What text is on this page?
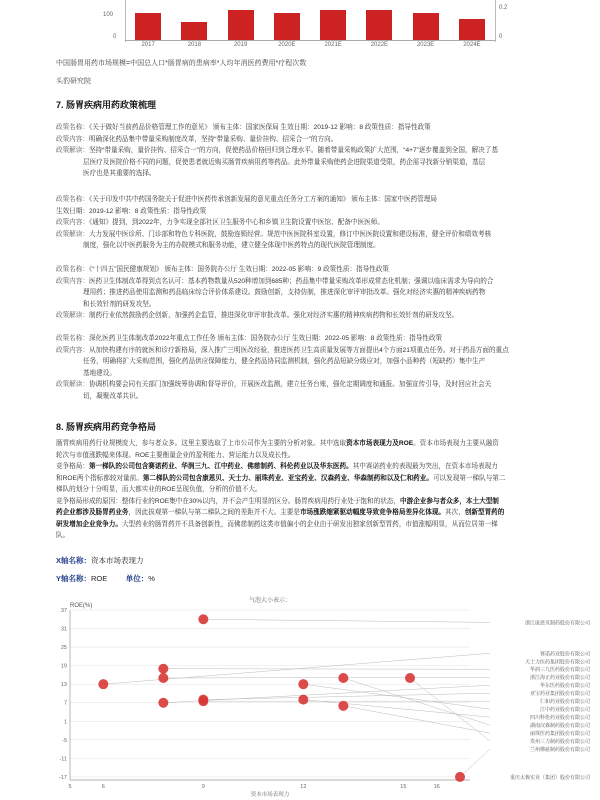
100
0
0.2
0
2017	2018	2019	2020E	2021E	2022E	2023E	2024E
中国肠胃用药市场规模=中国总人口*肠胃病的患病率*人均年消医药费用*疗程次数
头豹研究院
7. 肠胃疾病用药政策梳理
政策名称：《关于做好当前药品价格管理工作的意见》 颁布主体：国家医保局 生效日期：2019-12 影响：8 政策性质：指导性政策
政策内容：明确深化药品集中带量采购制度改革，坚持“带量采购、量价挂钩、招采合一”的方向。
政策解读：坚持“带量采购，量价挂钩、招采合一”的方向，促使药品价格回归到合理水平。随着带量采购政策扩大范围，“4+7”逐步覆盖到全国，解决了基
层医疗及医院价格不同的问题，促使患者就近购买肠胃疾病用药等药品。此外带量采购使药企进院渠道受限，药企需寻找新分销渠道，基层
医疗也是其重要的选择。
政策名称：《关于印发中共中药国务院关于促进中医药传承创新发展的意见重点任务分工方案的通知》 颁布主体：国家中医药管理局
生效日期：2019-12 影响：8 政策性质：指导性政策
政策内容：《通知》提到，到2022年，力争实现全部社区卫生服务中心和乡镇卫生院设置中医馆、配备中医医师。
政策解读：大力发展中医诊所、门诊部和特色专科医院，鼓励连锁经营。规范中医医院科室设置，修订中医医院设置和建设标准，健全评价和绩效考核
制度，强化以中医药服务为主的办院模式和服务功能，建立健全体现中医药特点的现代医院管理制度。
政策名称：《“十四五”国民健康规划》 颁布主体：国务院办公厅 生效日期：2022-05 影响：9 政策性质：指导性政策
政策内容：医药卫生体制改革得到点名认可：基本药物数量从520种增加到685种；药品集中带量采购改革形成常态化机制；强调以临床需求为导向的合
理用药；推进药品使用监测和药品临床综合评价体系建设。鼓励创新，支持仿制，推进深化审评审批改革。强化对经济实惠的精神疾病药物
和长效针剂的研发攻坚。
政策解读：制药行业依然鼓励药企创新，加强药企监管，推进深化审评审批改革。强化对经济实惠的精神疾病药物和长效针剂的研发攻坚。
政策名称：深化医药卫生体制改革2022年重点工作任务 颁布主体：国务院办公厅 生效日期：2022-05 影响：8 政策性质：指导性政策
政策内容：从加快构建有序的就医和诊疗新格局，深入推广三明医改经验，推进医药卫生高质量发展等方面提出4个方面21项重点任务。对于药品方面的重点
任务，明确将扩大采购范围，强化药品供应保障能力，健全药品协同监测机制，强化药品短缺分级应对，加强小品种药（短缺药）集中生产
基地建设。
政策解读：协调机构要会同有关部门加强统筹协调和督导评价，开展医改监测，建立任务台账，强化定期调度和通报。加强宣传引导，及时回应社会关
切，凝聚改革共识。
8. 肠胃疾病用药竞争格局
肠胃疾病用药行业规模庞大，参与者众多。这里主要选取了上市公司作为主要的分析对象。其中选取资本市场表现力及ROE。资本市场表现力主要从融资
轮次与市值涨跌幅来体现。ROE主要衡量企业的盈利能力、营运能力以及成长性。
竞争格局：第一梯队的公司包含赛诺药业、华润三九、江中药业、佛慈制药、科伦药业以及华东医药。其中赛诺药业的表现最为突出，在资本市场表现力
和ROE两个指标都较对量前。第二梯队的公司包含康恩贝、天士力、丽珠药业、亚宝药业、汉森药业、华森制药和以及仁和药业。可以发现第一梯队与第二
梯队的划分十分明显，而大都实业的ROE呈现负值，分析的价值不大。
竞争格局形成的原因：整体行业的ROE集中在30%以内，并不会产生明显的区分。肠胃疾病用药行业处于饱和的状态，中游企业参与者众多，本土大型制
药企业都涉及肠胃药业务，因此拔观第一梯队与第二梯队之间的差距并不大。主要是市场涨跌缩紧驱动幅度导致竞争格局差异化体现。其次，创新型胃药的
研发增加企业竞争力。大型药业的肠胃药并不具备创新性，而佛慈制药这类市值偏小的企业由于研发出独家创新型胃药，市值涨幅明显，从而位居第一梯
队。
X轴名称：资本市场表现力
Y轴名称：ROE 单位：%
气泡大小表示：
ROE(%)
37
31
25
19
13
7
1
-5
-11
-17
5	6	9	12	15	16
资本市场表现力
浙江康恩贝制药股份有限公司
赛诺药业股份有限公司
天士力医药集团股份有限公司
华润三九医药股份有限公司
浙江海正药业股份有限公司
华东医药股份有限公司
亚宝药业集团股份有限公司
仁和药业股份有限公司
江中药业股份有限公司
四川科伦药业股份有限公司
湖南汉森制药股份有限公司
丽珠医药集团股份有限公司
贵州三力制药股份有限公司
兰州佛慈制药股份有限公司
重庆太极实业（集团）股份有限公司
